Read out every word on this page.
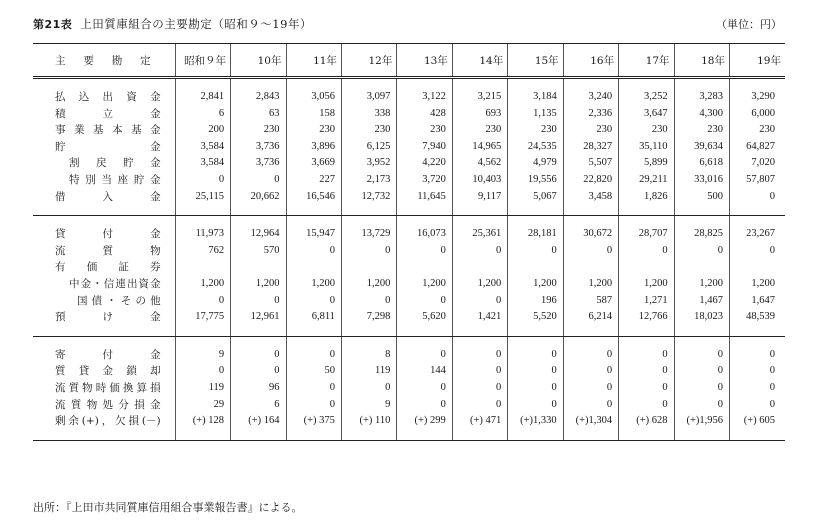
第21表 上田質庫組合の主要勘定（昭和９～19年）	（単位：円）
主要勘定	昭和９年	10年	11年	12年	13年	14年	15年	16年	17年	18年	19年

払込出資金	2,841	2,843	3,056	3,097	3,122	3,215	3,184	3,240	3,252	3,283	3,290
積立金	6	63	158	338	428	693	1,135	2,336	3,647	4,300	6,000
事業基本基金	200	230	230	230	230	230	230	230	230	230	230
貯金	3,584	3,736	3,896	6,125	7,940	14,965	24,535	28,327	35,110	39,634	64,827
割戻貯金	3,584	3,736	3,669	3,952	4,220	4,562	4,979	5,507	5,899	6,618	7,020
特別当座貯金	0	0	227	2,173	3,720	10,403	19,556	22,820	29,211	33,016	57,807
借入金	25,115	20,662	16,546	12,732	11,645	9,117	5,067	3,458	1,826	500	0

貸付金	11,973	12,964	15,947	13,729	16,073	25,361	28,181	30,672	28,707	28,825	23,267
流質物	762	570	0	0	0	0	0	0	0	0	0
有価証券											
中金・信連出資金	1,200	1,200	1,200	1,200	1,200	1,200	1,200	1,200	1,200	1,200	1,200
国債・その他	0	0	0	0	0	0	196	587	1,271	1,467	1,647
預け金	17,775	12,961	6,811	7,298	5,620	1,421	5,520	6,214	12,766	18,023	48,539

寄付金	9	0	0	8	0	0	0	0	0	0	0
質貸金鎖却	0	0	50	119	144	0	0	0	0	0	0
流質物時価換算損	119	96	0	0	0	0	0	0	0	0	0
流質物処分損金	29	6	0	9	0	0	0	0	0	0	0
剰余(+)，欠損(－)	(+) 128	(+) 164	(+) 375	(+) 110	(+) 299	(+) 471	(+)1,330	(+)1,304	(+) 628	(+)1,956	(+) 605

出所：『上田市共同質庫信用組合事業報告書』による。
